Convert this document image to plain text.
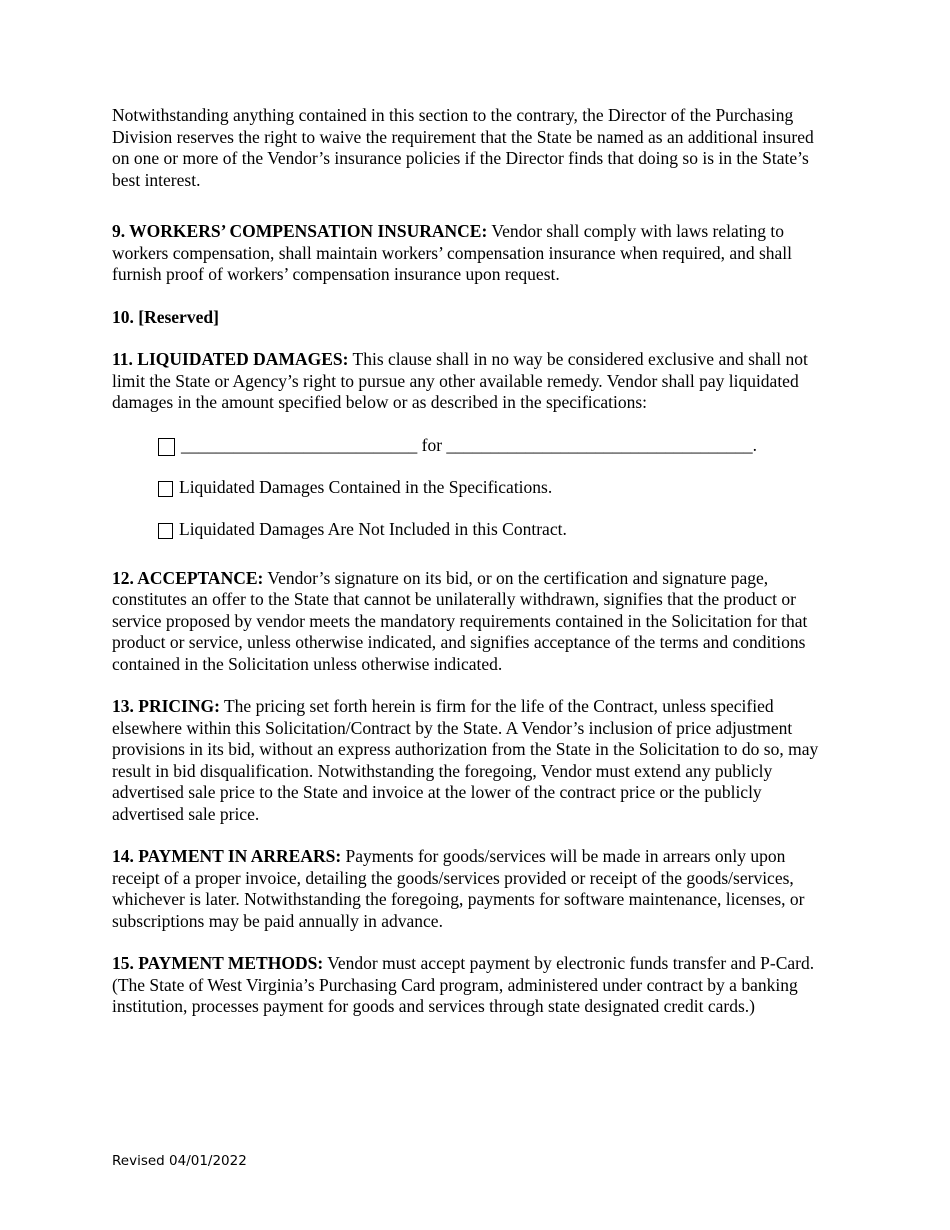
Notwithstanding anything contained in this section to the contrary, the Director of the Purchasing Division reserves the right to waive the requirement that the State be named as an additional insured on one or more of the Vendor’s insurance policies if the Director finds that doing so is in the State’s best interest.

9. WORKERS’ COMPENSATION INSURANCE: Vendor shall comply with laws relating to workers compensation, shall maintain workers’ compensation insurance when required, and shall furnish proof of workers’ compensation insurance upon request.

10. [Reserved]

11. LIQUIDATED DAMAGES: This clause shall in no way be considered exclusive and shall not limit the State or Agency’s right to pursue any other available remedy. Vendor shall pay liquidated damages in the amount specified below or as described in the specifications:

___________________________ for ___________________________________.
Liquidated Damages Contained in the Specifications.
Liquidated Damages Are Not Included in this Contract.

12. ACCEPTANCE: Vendor’s signature on its bid, or on the certification and signature page, constitutes an offer to the State that cannot be unilaterally withdrawn, signifies that the product or service proposed by vendor meets the mandatory requirements contained in the Solicitation for that product or service, unless otherwise indicated, and signifies acceptance of the terms and conditions contained in the Solicitation unless otherwise indicated.

13. PRICING: The pricing set forth herein is firm for the life of the Contract, unless specified elsewhere within this Solicitation/Contract by the State. A Vendor’s inclusion of price adjustment provisions in its bid, without an express authorization from the State in the Solicitation to do so, may result in bid disqualification. Notwithstanding the foregoing, Vendor must extend any publicly advertised sale price to the State and invoice at the lower of the contract price or the publicly advertised sale price.

14. PAYMENT IN ARREARS: Payments for goods/services will be made in arrears only upon receipt of a proper invoice, detailing the goods/services provided or receipt of the goods/services, whichever is later. Notwithstanding the foregoing, payments for software maintenance, licenses, or subscriptions may be paid annually in advance.

15. PAYMENT METHODS: Vendor must accept payment by electronic funds transfer and P-Card. (The State of West Virginia’s Purchasing Card program, administered under contract by a banking institution, processes payment for goods and services through state designated credit cards.)

Revised 04/01/2022
